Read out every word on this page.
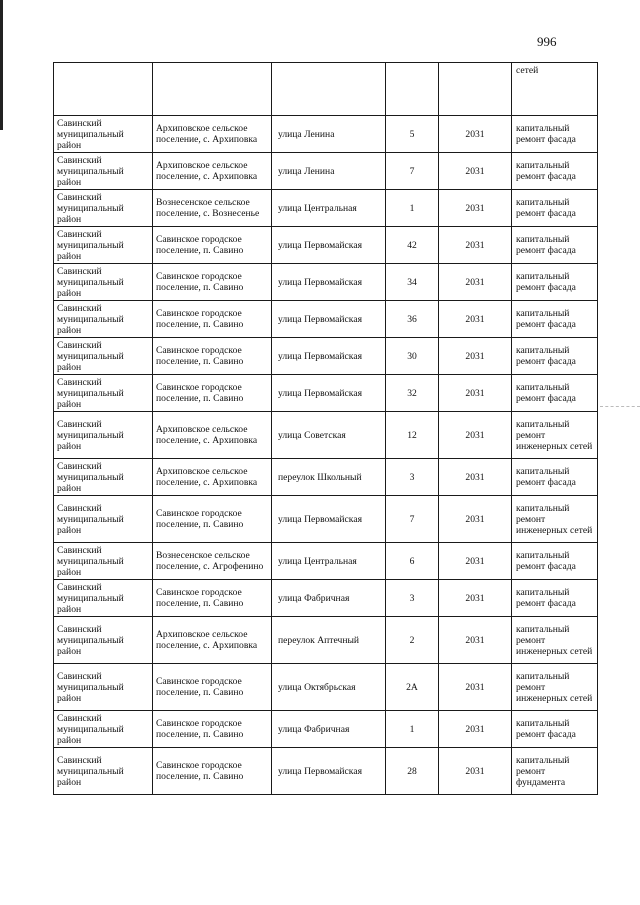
996
					сетей
Савинский муниципальный район	Архиповское сельское поселение, с. Архиповка	улица Ленина	5	2031	капитальный ремонт фасада
Савинский муниципальный район	Архиповское сельское поселение, с. Архиповка	улица Ленина	7	2031	капитальный ремонт фасада
Савинский муниципальный район	Вознесенское сельское поселение, с. Вознесенье	улица Центральная	1	2031	капитальный ремонт фасада
Савинский муниципальный район	Савинское городское поселение, п. Савино	улица Первомайская	42	2031	капитальный ремонт фасада
Савинский муниципальный район	Савинское городское поселение, п. Савино	улица Первомайская	34	2031	капитальный ремонт фасада
Савинский муниципальный район	Савинское городское поселение, п. Савино	улица Первомайская	36	2031	капитальный ремонт фасада
Савинский муниципальный район	Савинское городское поселение, п. Савино	улица Первомайская	30	2031	капитальный ремонт фасада
Савинский муниципальный район	Савинское городское поселение, п. Савино	улица Первомайская	32	2031	капитальный ремонт фасада
Савинский муниципальный район	Архиповское сельское поселение, с. Архиповка	улица Советская	12	2031	капитальный ремонт инженерных сетей
Савинский муниципальный район	Архиповское сельское поселение, с. Архиповка	переулок Школьный	3	2031	капитальный ремонт фасада
Савинский муниципальный район	Савинское городское поселение, п. Савино	улица Первомайская	7	2031	капитальный ремонт инженерных сетей
Савинский муниципальный район	Вознесенское сельское поселение, с. Агрофенино	улица Центральная	6	2031	капитальный ремонт фасада
Савинский муниципальный район	Савинское городское поселение, п. Савино	улица Фабричная	3	2031	капитальный ремонт фасада
Савинский муниципальный район	Архиповское сельское поселение, с. Архиповка	переулок Аптечный	2	2031	капитальный ремонт инженерных сетей
Савинский муниципальный район	Савинское городское поселение, п. Савино	улица Октябрьская	2А	2031	капитальный ремонт инженерных сетей
Савинский муниципальный район	Савинское городское поселение, п. Савино	улица Фабричная	1	2031	капитальный ремонт фасада
Савинский муниципальный район	Савинское городское поселение, п. Савино	улица Первомайская	28	2031	капитальный ремонт фундамента
